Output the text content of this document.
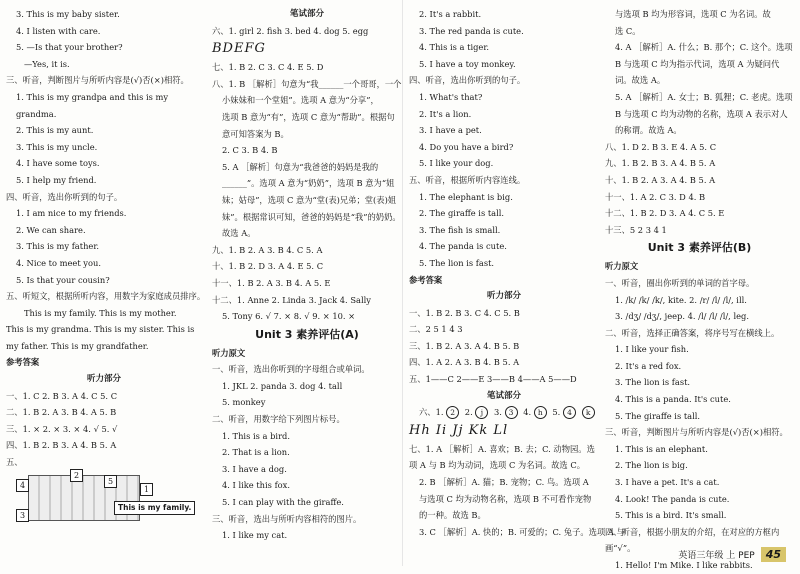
3. This is my baby sister.
4. I listen with care.
5. —Is that your brother?
—Yes, it is.
三、听音，判断图片与所听内容是(√)否(×)相符。
1. This is my grandpa and this is my
grandma.
2. This is my aunt.
3. This is my uncle.
4. I have some toys.
5. I help my friend.
四、听音，选出你听到的句子。
1. I am nice to my friends.
2. We can share.
3. This is my father.
4. Nice to meet you.
5. Is that your cousin?
五、听短文，根据所听内容，用数字为家庭成员排序。
This is my family. This is my mother.
This is my grandma. This is my sister. This is
my father. This is my grandfather.
参考答案
听力部分
一、1. C 2. B 3. A 4. C 5. C
二、1. B 2. A 3. B 4. A 5. B
三、1. × 2. × 3. × 4. √ 5. √
四、1. B 2. B 3. A 4. B 5. A
五、
4
2
5
1
3
This is my family.
笔试部分
六、1. girl 2. fish 3. bed 4. dog 5. egg
BDEFG
七、1. B 2. C 3. C 4. E 5. D
八、1. B ［解析］句意为“我______一个哥哥，一个
小妹妹和一个堂姐”。选项 A 意为“分享”，
选项 B 意为“有”，选项 C 意为“帮助”。根据句
意可知答案为 B。
2. C 3. B 4. B
5. A ［解析］句意为“我爸爸的妈妈是我的______”。选项 A 意为“奶奶”，选项 B 意为“姐妹；姑母”，选项 C 意为“堂(表)兄弟；堂(表)姐妹”。根据常识可知，爸爸的妈妈是“我”的奶奶。故选 A。
九、1. B 2. A 3. B 4. C 5. A
十、1. B 2. D 3. A 4. E 5. C
十一、1. B 2. A 3. B 4. A 5. E
十二、1. Anne 2. Linda 3. Jack 4. Sally
5. Tony 6. √ 7. × 8. √ 9. × 10. ×
Unit 3 素养评估(A)
听力原文
一、听音，选出你听到的字母组合或单词。
1. JKL 2. panda 3. dog 4. tall
5. monkey
二、听音，用数字给下列图片标号。
1. This is a bird.
2. That is a lion.
3. I have a dog.
4. I like this fox.
5. I can play with the giraffe.
三、听音，选出与所听内容相符的图片。
1. I like my cat.
2. It's a rabbit.
3. The red panda is cute.
4. This is a tiger.
5. I have a toy monkey.
四、听音，选出你听到的句子。
1. What's that?
2. It's a lion.
3. I have a pet.
4. Do you have a bird?
5. I like your dog.
五、听音，根据所听内容连线。
1. The elephant is big.
2. The giraffe is tall.
3. The fish is small.
4. The panda is cute.
5. The lion is fast.
参考答案
听力部分
一、1. B 2. B 3. C 4. C 5. B
二、2 5 1 4 3
三、1. B 2. A 3. A 4. B 5. B
四、1. A 2. A 3. B 4. B 5. A
五、1——C 2——E 3——B 4——A 5——D
笔试部分
六、1. 2 2. j 3. 3 4. h 5. 4 k
Hh Ii Jj Kk Ll
七、1. A ［解析］A. 喜欢；B. 去；C. 动物园。选项 A 与 B 均为动词，选项 C 为名词。故选 C。
2. B ［解析］A. 猫；B. 宠物；C. 鸟。选项 A 与选项 C 均为动物名称，选项 B 不可看作宠物的一种。故选 B。
3. C ［解析］A. 快的；B. 可爱的；C. 兔子。选项 A 与
与选项 B 均为形容词，选项 C 为名词。故
选 C。
4. A ［解析］A. 什么；B. 那个；C. 这个。选项 B 与选项 C 均为指示代词，选项 A 为疑问代词。故选 A。
5. A ［解析］A. 女士；B. 狐狸；C. 老虎。选项 B 与选项 C 均为动物的名称，选项 A 表示对人的称谓。故选 A。
八、1. D 2. B 3. E 4. A 5. C
九、1. B 2. B 3. A 4. B 5. A
十、1. B 2. A 3. A 4. B 5. A
十一、1. A 2. C 3. D 4. B
十二、1. B 2. D 3. A 4. C 5. E
十三、5 2 3 4 1
Unit 3 素养评估(B)
听力原文
一、听音，圈出你听到的单词的首字母。
1. /k/ /k/ /k/, kite. 2. /r/ /l/ /l/, ill.
3. /dʒ/ /dʒ/, jeep. 4. /l/ /l/ /l/, leg.
二、听音，选择正确答案，将序号写在横线上。
1. I like your fish.
2. It's a red fox.
3. The lion is fast.
4. This is a panda. It's cute.
5. The giraffe is tall.
三、听音，判断图片与所听内容是(√)否(×)相符。
1. This is an elephant.
2. The lion is big.
3. I have a pet. It's a cat.
4. Look! The panda is cute.
5. This is a bird. It's small.
四、听音，根据小朋友的介绍，在对应的方框内画“√”。
1. Hello! I'm Mike. I like rabbits.
英语三年级 上 PEP	45
